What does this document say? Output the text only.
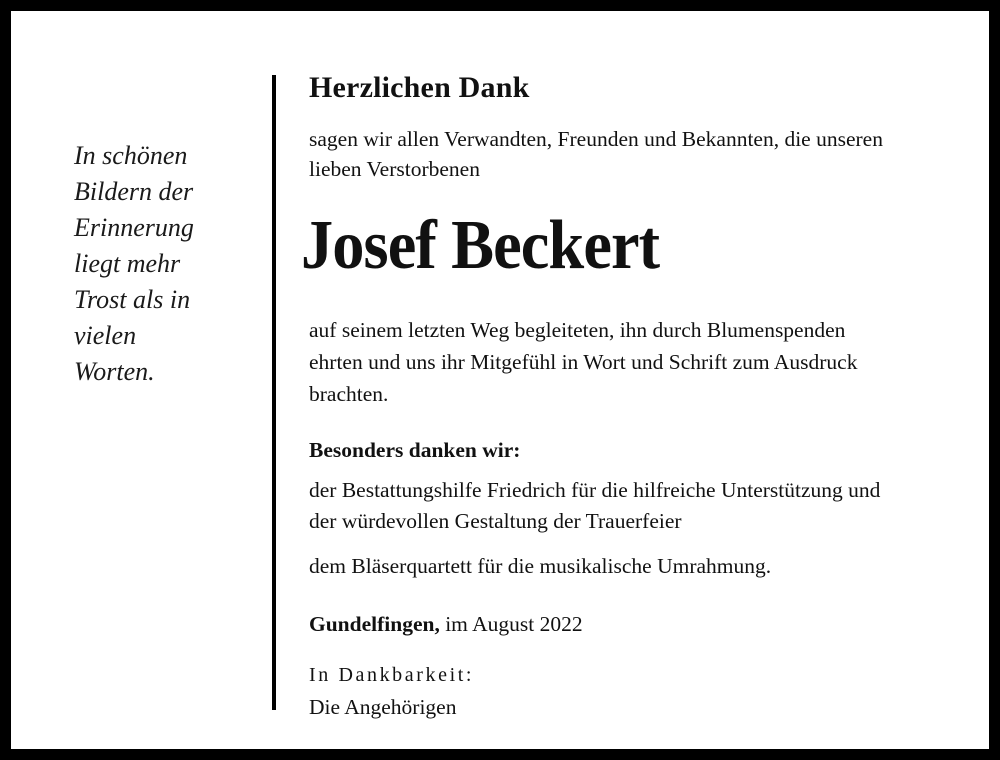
In schönen
Bildern der
Erinnerung
liegt mehr
Trost als in
vielen
Worten.
Herzlichen Dank
sagen wir allen Verwandten, Freunden und Bekannten, die unseren
lieben Verstorbenen
Josef Beckert
auf seinem letzten Weg begleiteten, ihn durch Blumenspenden
ehrten und uns ihr Mitgefühl in Wort und Schrift zum Ausdruck
brachten.
Besonders danken wir:
der Bestattungshilfe Friedrich für die hilfreiche Unterstützung und
der würdevollen Gestaltung der Trauerfeier
dem Bläserquartett für die musikalische Umrahmung.
Gundelfingen, im August 2022
In Dankbarkeit:
Die Angehörigen
